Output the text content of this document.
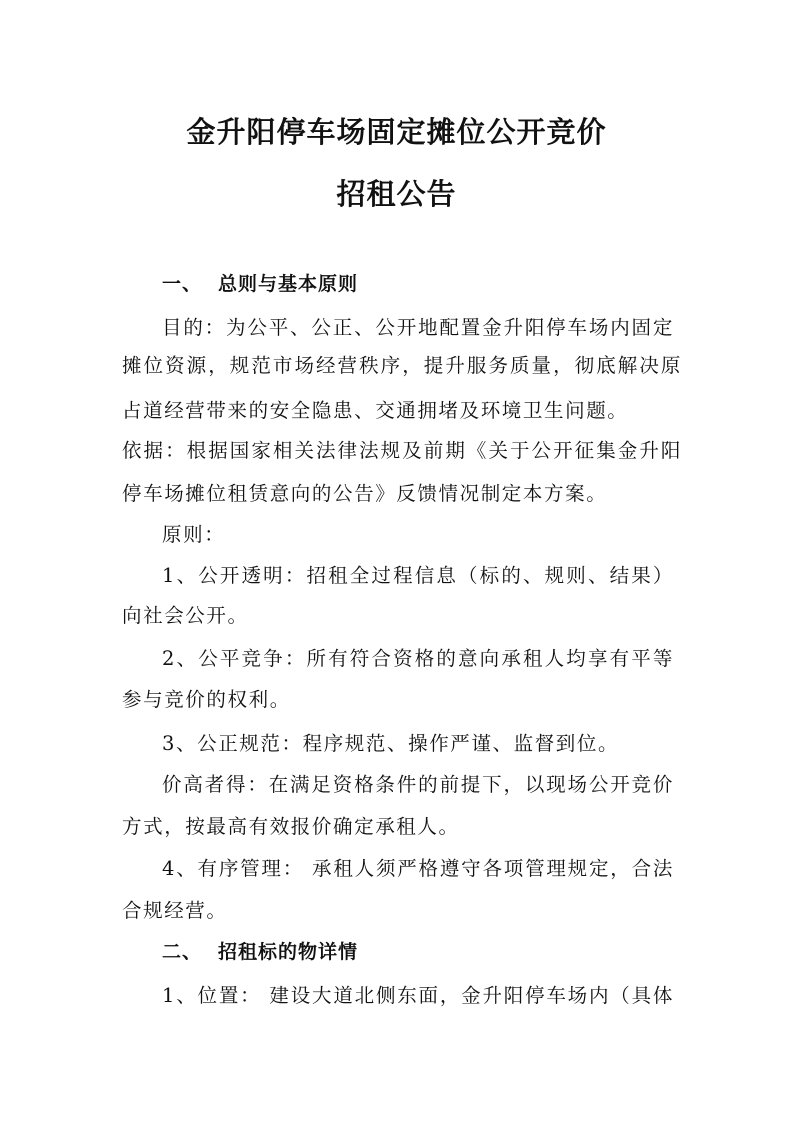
金升阳停车场固定摊位公开竞价
招租公告
一、 总则与基本原则
目的：为公平、公正、公开地配置金升阳停车场内固定
摊位资源，规范市场经营秩序，提升服务质量，彻底解决原
占道经营带来的安全隐患、交通拥堵及环境卫生问题。
依据：根据国家相关法律法规及前期《关于公开征集金升阳
停车场摊位租赁意向的公告》反馈情况制定本方案。
原则：
1、公开透明：招租全过程信息（标的、规则、结果）
向社会公开。
2、公平竞争：所有符合资格的意向承租人均享有平等
参与竞价的权利。
3、公正规范：程序规范、操作严谨、监督到位。
价高者得：在满足资格条件的前提下，以现场公开竞价
方式，按最高有效报价确定承租人。
4、有序管理： 承租人须严格遵守各项管理规定，合法
合规经营。
二、 招租标的物详情
1、位置： 建设大道北侧东面，金升阳停车场内（具体
